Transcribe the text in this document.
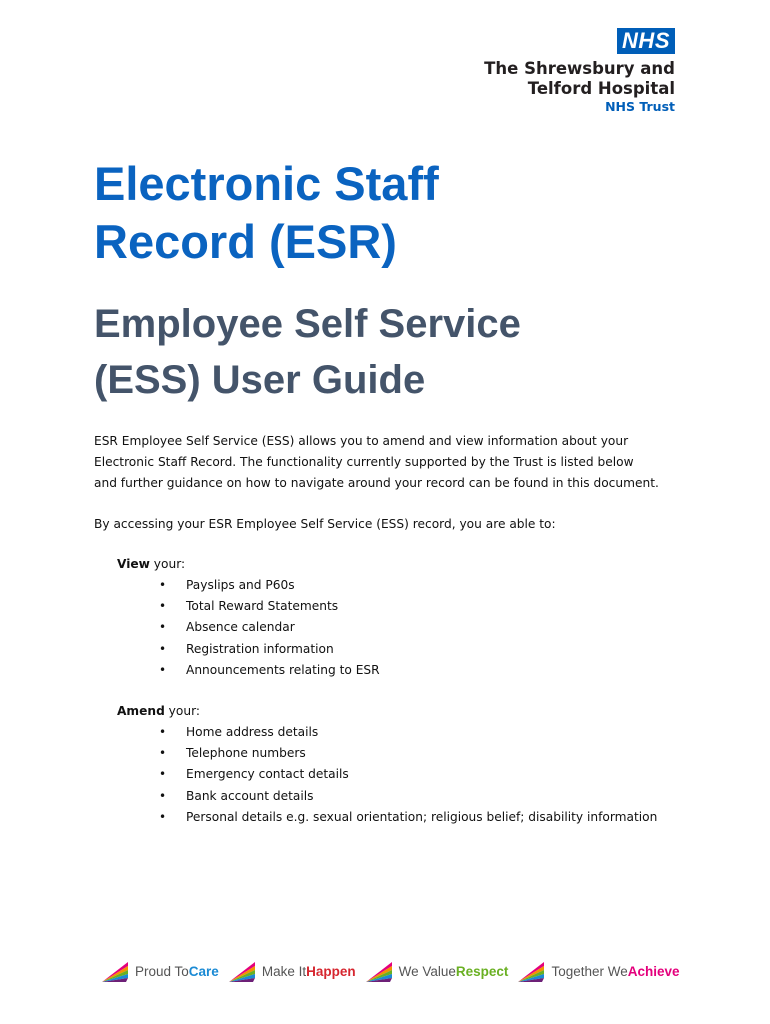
NHS
The Shrewsbury and
Telford Hospital
NHS Trust
Electronic Staff
Record (ESR)
Employee Self Service
(ESS) User Guide
ESR Employee Self Service (ESS) allows you to amend and view information about your
Electronic Staff Record. The functionality currently supported by the Trust is listed below
and further guidance on how to navigate around your record can be found in this document.

By accessing your ESR Employee Self Service (ESS) record, you are able to:

View your:
• Payslips and P60s
• Total Reward Statements
• Absence calendar
• Registration information
• Announcements relating to ESR
Amend your:
• Home address details
• Telephone numbers
• Emergency contact details
• Bank account details
• Personal details e.g. sexual orientation; religious belief; disability information
Proud To Care	Make It Happen	We Value Respect	Together We Achieve
